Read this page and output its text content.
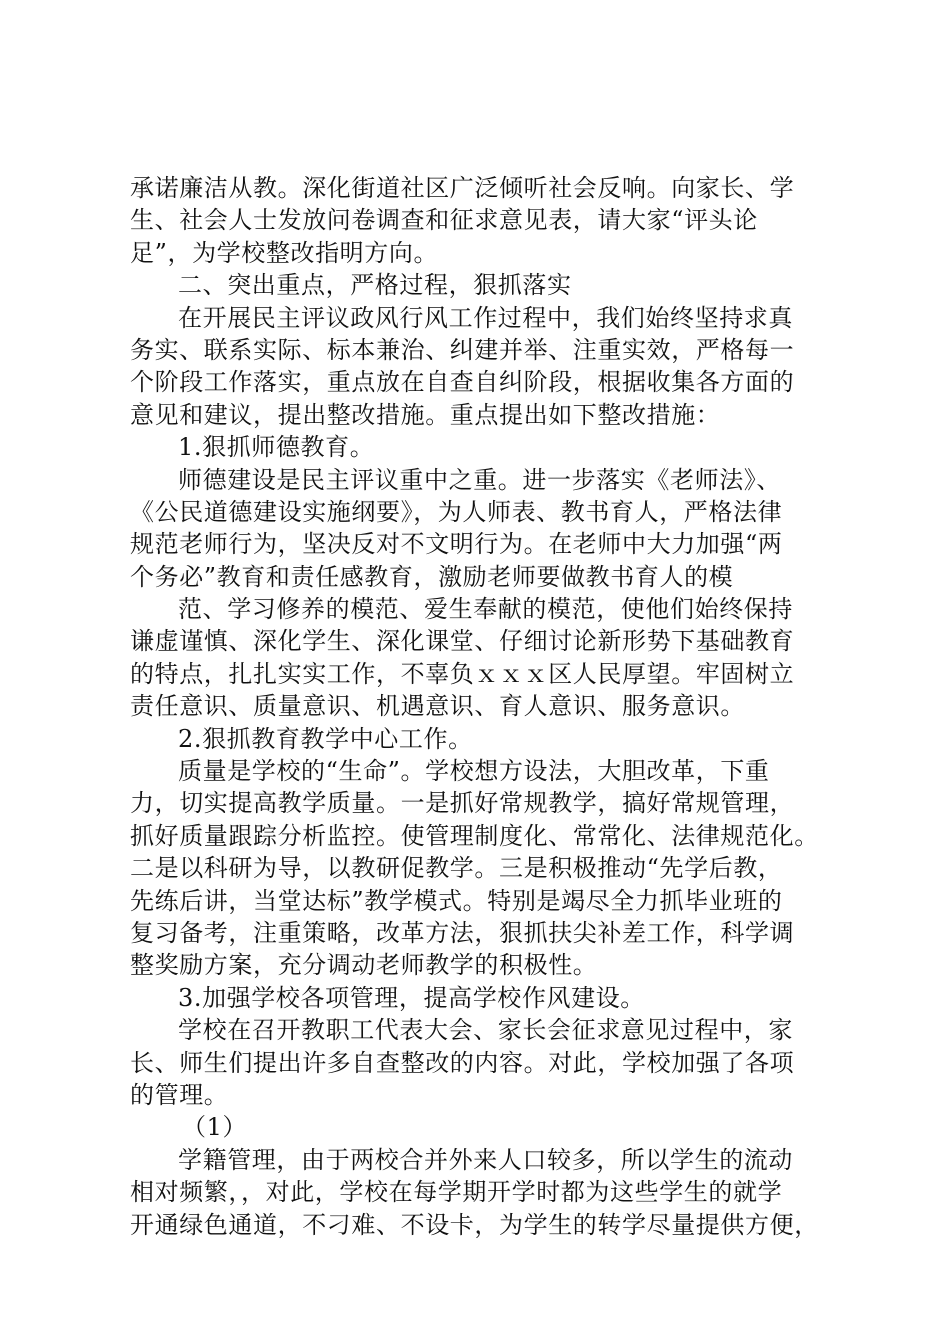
承诺廉洁从教。深化街道社区广泛倾听社会反响。向家长、学
生、社会人士发放问卷调查和征求意见表，请大家“评头论
足”，为学校整改指明方向。
二、突出重点，严格过程，狠抓落实
在开展民主评议政风行风工作过程中，我们始终坚持求真
务实、联系实际、标本兼治、纠建并举、注重实效，严格每一
个阶段工作落实，重点放在自查自纠阶段，根据收集各方面的
意见和建议，提出整改措施。重点提出如下整改措施：
1.狠抓师德教育。
师德建设是民主评议重中之重。进一步落实《老师法》、
《公民道德建设实施纲要》，为人师表、教书育人，严格法律
规范老师行为，坚决反对不文明行为。在老师中大力加强“两
个务必”教育和责任感教育，激励老师要做教书育人的模
范、学习修养的模范、爱生奉献的模范，使他们始终保持
谦虚谨慎、深化学生、深化课堂、仔细讨论新形势下基础教育
的特点，扎扎实实工作，不辜负ｘｘｘ区人民厚望。牢固树立
责任意识、质量意识、机遇意识、育人意识、服务意识。
2.狠抓教育教学中心工作。
质量是学校的“生命”。学校想方设法，大胆改革，下重
力，切实提高教学质量。一是抓好常规教学，搞好常规管理，
抓好质量跟踪分析监控。使管理制度化、常常化、法律规范化。
二是以科研为导，以教研促教学。三是积极推动“先学后教，
先练后讲，当堂达标”教学模式。特别是竭尽全力抓毕业班的
复习备考，注重策略，改革方法，狠抓扶尖补差工作，科学调
整奖励方案，充分调动老师教学的积极性。
3.加强学校各项管理，提高学校作风建设。
学校在召开教职工代表大会、家长会征求意见过程中，家
长、师生们提出许多自查整改的内容。对此，学校加强了各项
的管理。
（1）
学籍管理，由于两校合并外来人口较多，所以学生的流动
相对频繁，，对此，学校在每学期开学时都为这些学生的就学
开通绿色通道，不刁难、不设卡，为学生的转学尽量提供方便，
